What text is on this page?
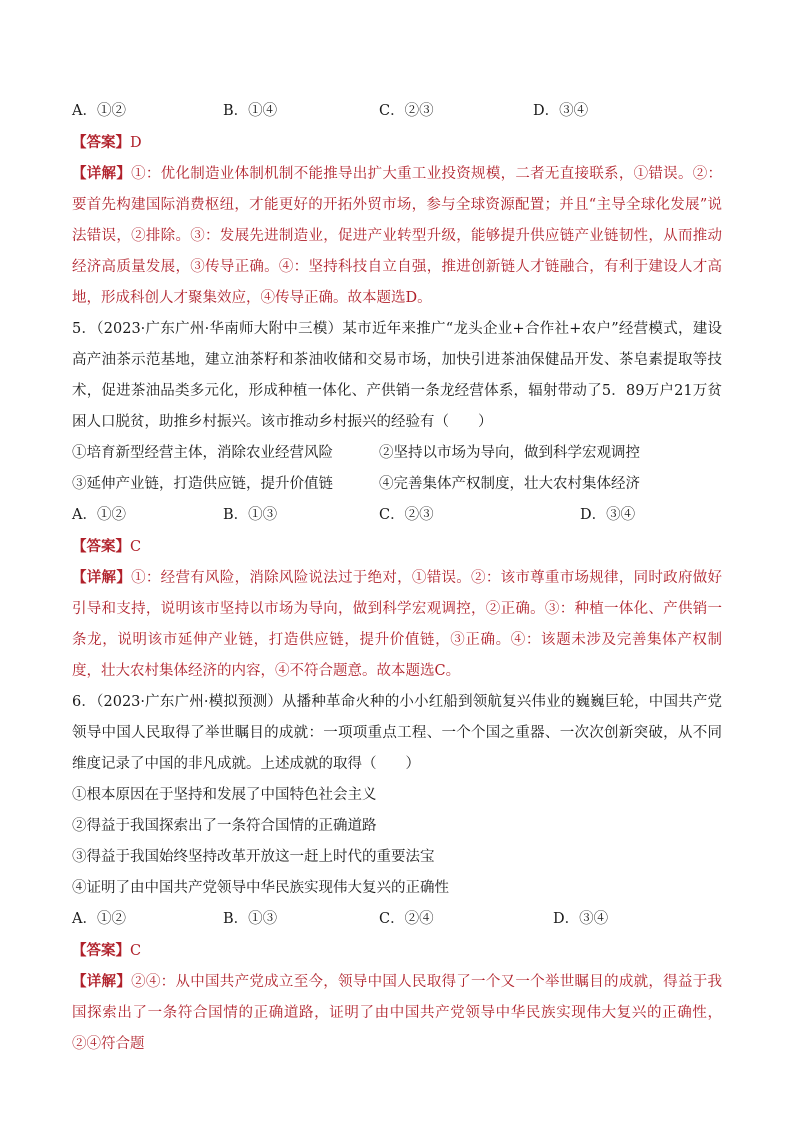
A．①②	B．①④	C．②③	D．③④
【答案】D
【详解】①：优化制造业体制机制不能推导出扩大重工业投资规模，二者无直接联系，①错误。②：要首先构建国际消费枢纽，才能更好的开拓外贸市场，参与全球资源配置；并且“主导全球化发展”说法错误，②排除。③：发展先进制造业，促进产业转型升级，能够提升供应链产业链韧性，从而推动经济高质量发展，③传导正确。④：坚持科技自立自强，推进创新链人才链融合，有利于建设人才高地，形成科创人才聚集效应，④传导正确。故本题选D。
5．（2023·广东广州·华南师大附中三模）某市近年来推广“龙头企业+合作社+农户”经营模式，建设高产油茶示范基地，建立油茶籽和茶油收储和交易市场，加快引进茶油保健品开发、茶皂素提取等技术，促进茶油品类多元化，形成种植一体化、产供销一条龙经营体系，辐射带动了5．89万户21万贫困人口脱贫，助推乡村振兴。该市推动乡村振兴的经验有（　　）
①培育新型经营主体，消除农业经营风险	②坚持以市场为导向，做到科学宏观调控
③延伸产业链，打造供应链，提升价值链	④完善集体产权制度，壮大农村集体经济
A．①②	B．①③	C．②③	D．③④
【答案】C
【详解】①：经营有风险，消除风险说法过于绝对，①错误。②：该市尊重市场规律，同时政府做好引导和支持，说明该市坚持以市场为导向，做到科学宏观调控，②正确。③：种植一体化、产供销一条龙，说明该市延伸产业链，打造供应链，提升价值链，③正确。④：该题未涉及完善集体产权制度，壮大农村集体经济的内容，④不符合题意。故本题选C。
6．（2023·广东广州·模拟预测）从播种革命火种的小小红船到领航复兴伟业的巍巍巨轮，中国共产党领导中国人民取得了举世瞩目的成就：一项项重点工程、一个个国之重器、一次次创新突破，从不同维度记录了中国的非凡成就。上述成就的取得（　　）
①根本原因在于坚持和发展了中国特色社会主义
②得益于我国探索出了一条符合国情的正确道路
③得益于我国始终坚持改革开放这一赶上时代的重要法宝
④证明了由中国共产党领导中华民族实现伟大复兴的正确性
A．①②	B．①③	C．②④	D．③④
【答案】C
【详解】②④：从中国共产党成立至今，领导中国人民取得了一个又一个举世瞩目的成就，得益于我国探索出了一条符合国情的正确道路，证明了由中国共产党领导中华民族实现伟大复兴的正确性，②④符合题
